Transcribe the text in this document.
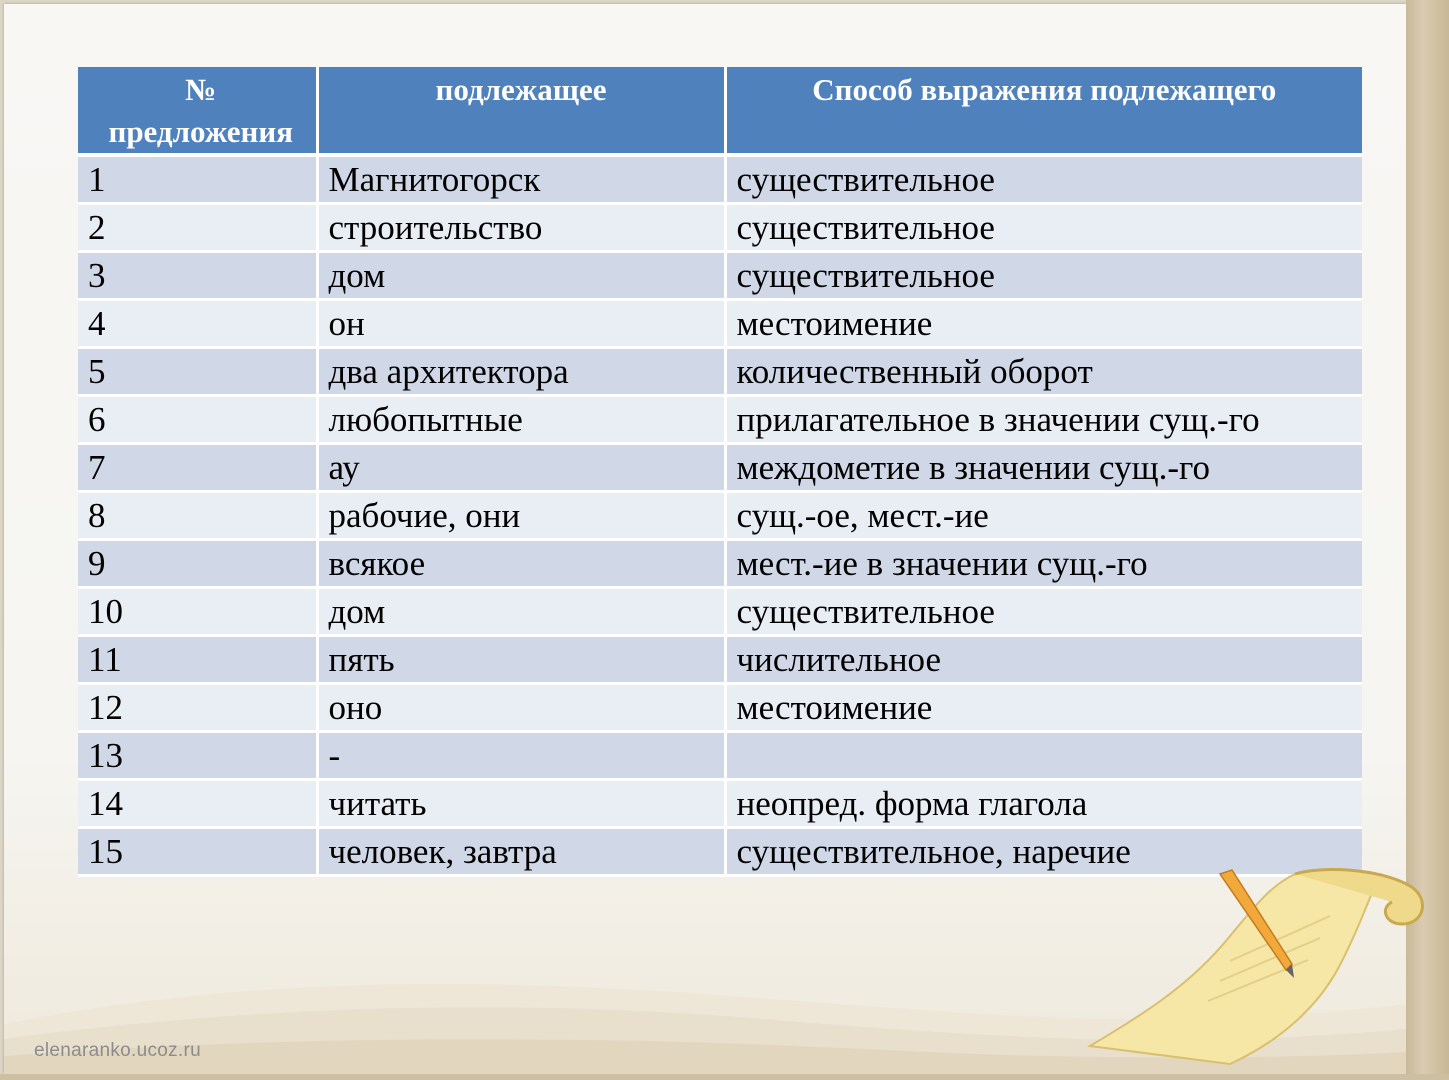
№ предложения	подлежащее	Способ выражения подлежащего
1	Магнитогорск	существительное
2	строительство	существительное
3	дом	существительное
4	он	местоимение
5	два архитектора	количественный оборот
6	любопытные	прилагательное в значении сущ.-го
7	ау	междометие в значении сущ.-го
8	рабочие, они	сущ.-ое, мест.-ие
9	всякое	мест.-ие в значении сущ.-го
10	дом	существительное
11	пять	числительное
12	оно	местоимение
13	-	
14	читать	неопред. форма глагола
15	человек, завтра	существительное, наречие
elenaranko.ucoz.ru
